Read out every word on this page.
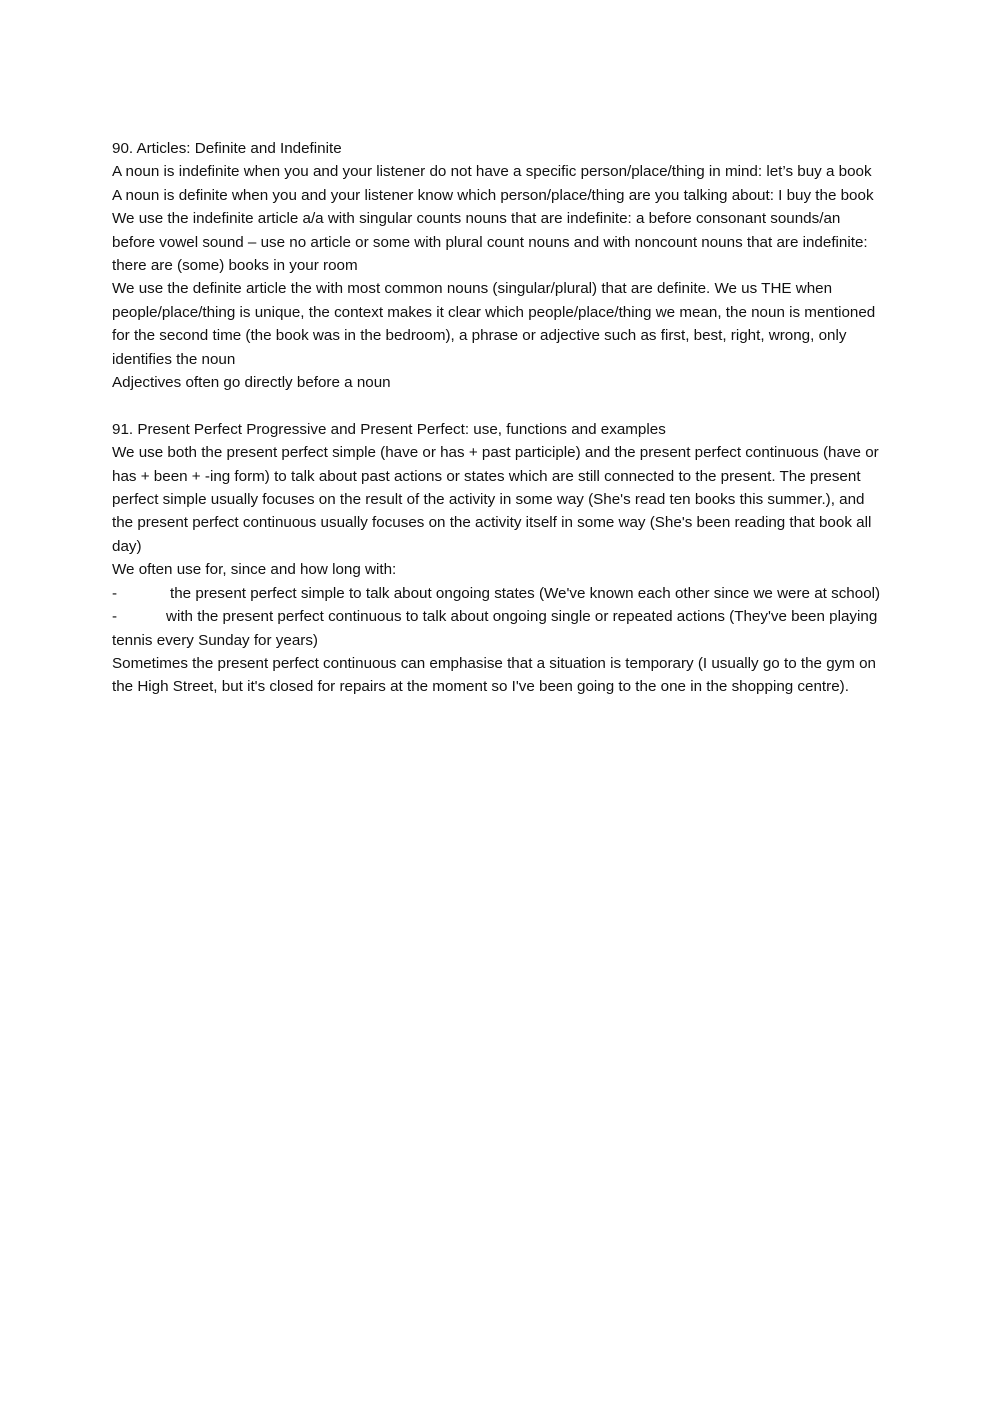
90. Articles: Definite and Indefinite

A noun is indefinite when you and your listener do not have a specific person/place/thing in mind: let’s buy a book

A noun is definite when you and your listener know which person/place/thing are you talking about: I buy the book

We use the indefinite article a/a with singular counts nouns that are indefinite: a before consonant sounds/an before vowel sound – use no article or some with plural count nouns and with noncount nouns that are indefinite: there are (some) books in your room

We use the definite article the with most common nouns (singular/plural) that are definite. We us THE when people/place/thing is unique, the context makes it clear which people/place/thing we mean, the noun is mentioned for the second time (the book was in the bedroom), a phrase or adjective such as first, best, right, wrong, only identifies the noun

Adjectives often go directly before a noun

91. Present Perfect Progressive and Present Perfect: use, functions and examples

We use both the present perfect simple (have or has + past participle) and the present perfect continuous (have or has + been + -ing form) to talk about past actions or states which are still connected to the present. The present perfect simple usually focuses on the result of the activity in some way (She's read ten books this summer.), and the present perfect continuous usually focuses on the activity itself in some way (She's been reading that book all day)

We often use for, since and how long with:

-	the present perfect simple to talk about ongoing states (We've known each other since we were at school)

-	with the present perfect continuous to talk about ongoing single or repeated actions (They've been playing tennis every Sunday for years)

Sometimes the present perfect continuous can emphasise that a situation is temporary (I usually go to the gym on the High Street, but it's closed for repairs at the moment so I've been going to the one in the shopping centre).
